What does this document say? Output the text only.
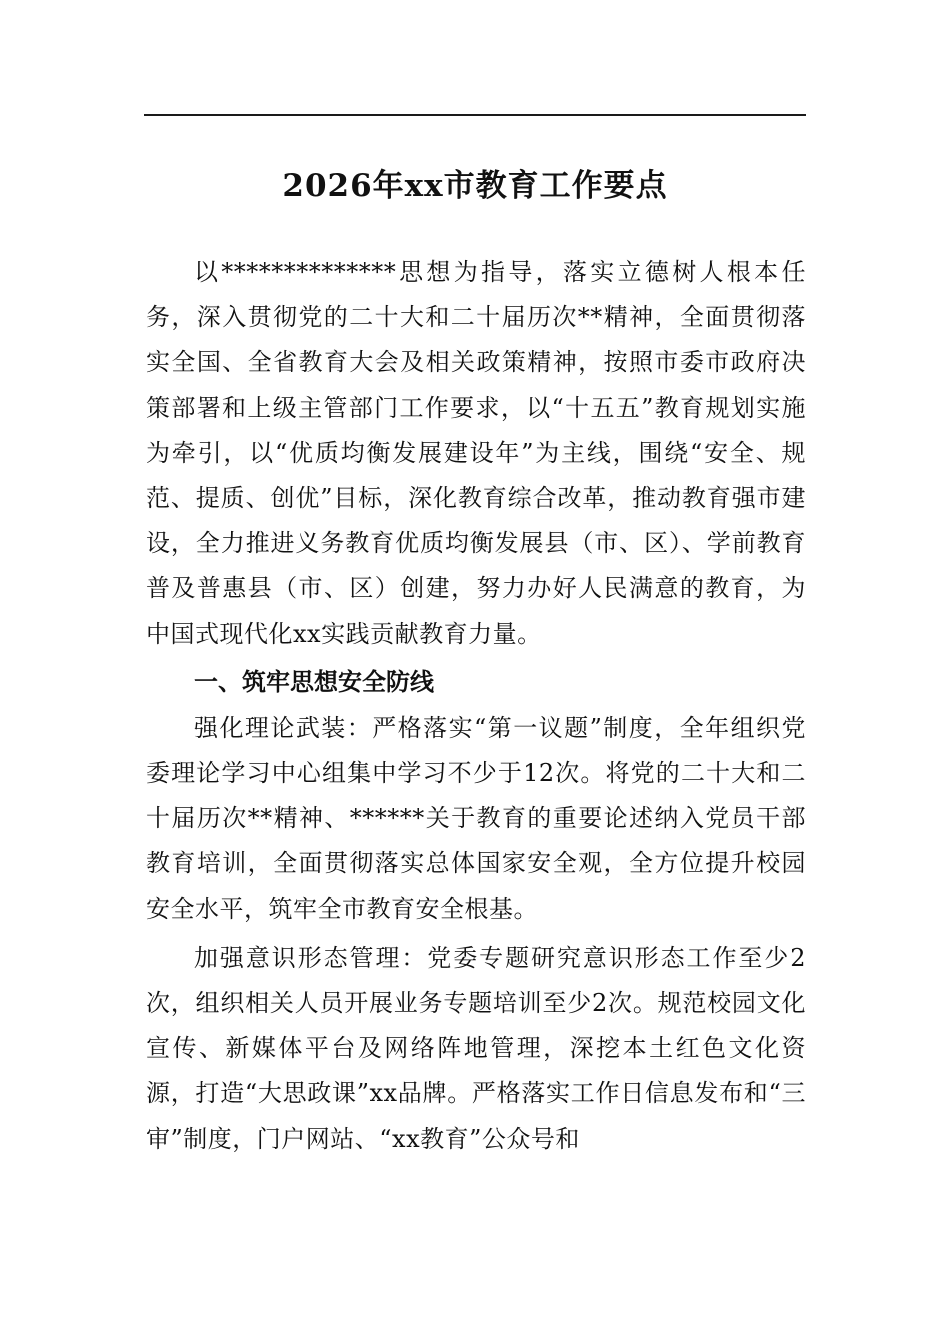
2026年xx市教育工作要点

以**************思想为指导，落实立德树人根本任务，深入贯彻党的二十大和二十届历次**精神，全面贯彻落实全国、全省教育大会及相关政策精神，按照市委市政府决策部署和上级主管部门工作要求，以“十五五”教育规划实施为牵引，以“优质均衡发展建设年”为主线，围绕“安全、规范、提质、创优”目标，深化教育综合改革，推动教育强市建设，全力推进义务教育优质均衡发展县（市、区）、学前教育普及普惠县（市、区）创建，努力办好人民满意的教育，为中国式现代化xx实践贡献教育力量。

一、筑牢思想安全防线

强化理论武装：严格落实“第一议题”制度，全年组织党委理论学习中心组集中学习不少于12次。将党的二十大和二十届历次**精神、******关于教育的重要论述纳入党员干部教育培训，全面贯彻落实总体国家安全观，全方位提升校园安全水平，筑牢全市教育安全根基。

加强意识形态管理：党委专题研究意识形态工作至少2次，组织相关人员开展业务专题培训至少2次。规范校园文化宣传、新媒体平台及网络阵地管理，深挖本土红色文化资源，打造“大思政课”xx品牌。严格落实工作日信息发布和“三审”制度，门户网站、“xx教育”公众号和
